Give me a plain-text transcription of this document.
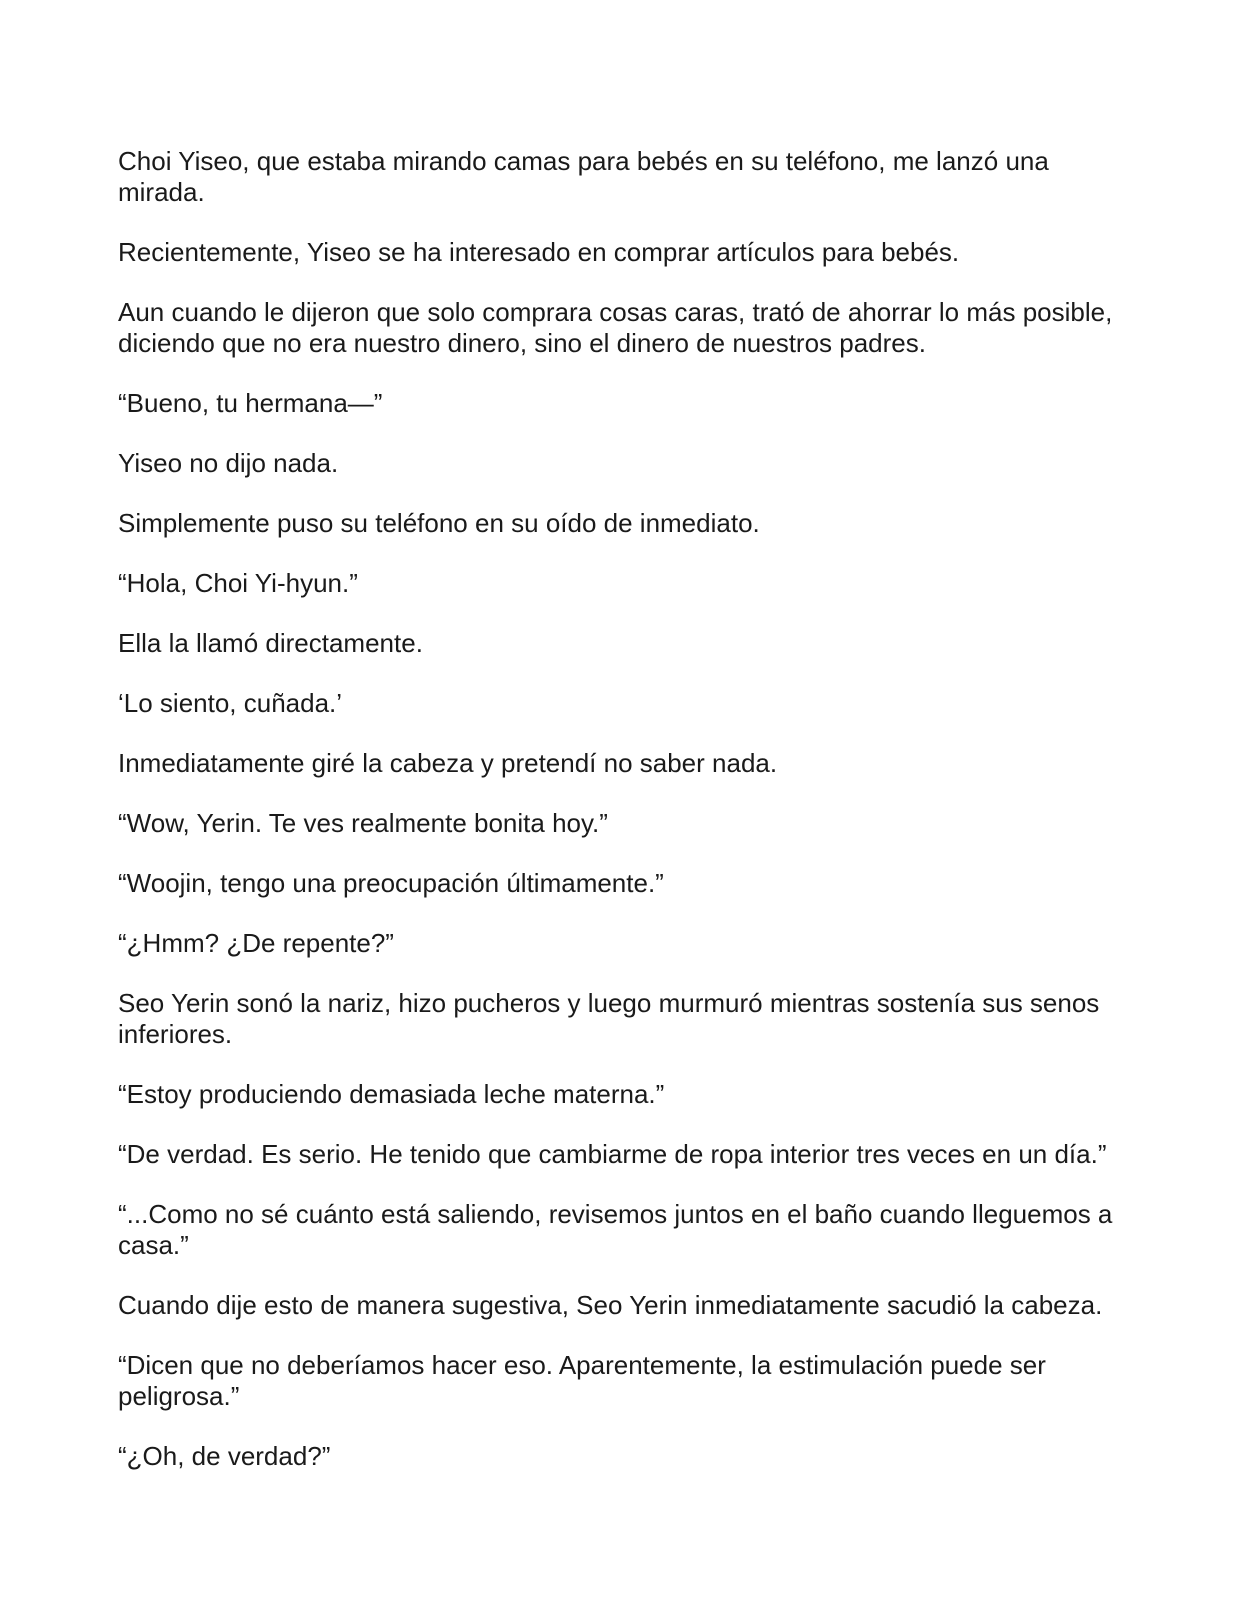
Choi Yiseo, que estaba mirando camas para bebés en su teléfono, me lanzó una mirada.

Recientemente, Yiseo se ha interesado en comprar artículos para bebés.

Aun cuando le dijeron que solo comprara cosas caras, trató de ahorrar lo más posible, diciendo que no era nuestro dinero, sino el dinero de nuestros padres.

“Bueno, tu hermana—”

Yiseo no dijo nada.

Simplemente puso su teléfono en su oído de inmediato.

“Hola, Choi Yi-hyun.”

Ella la llamó directamente.

‘Lo siento, cuñada.’

Inmediatamente giré la cabeza y pretendí no saber nada.

“Wow, Yerin. Te ves realmente bonita hoy.”

“Woojin, tengo una preocupación últimamente.”

“¿Hmm? ¿De repente?”

Seo Yerin sonó la nariz, hizo pucheros y luego murmuró mientras sostenía sus senos inferiores.

“Estoy produciendo demasiada leche materna.”

“De verdad. Es serio. He tenido que cambiarme de ropa interior tres veces en un día.”

“...Como no sé cuánto está saliendo, revisemos juntos en el baño cuando lleguemos a casa.”

Cuando dije esto de manera sugestiva, Seo Yerin inmediatamente sacudió la cabeza.

“Dicen que no deberíamos hacer eso. Aparentemente, la estimulación puede ser peligrosa.”

“¿Oh, de verdad?”
